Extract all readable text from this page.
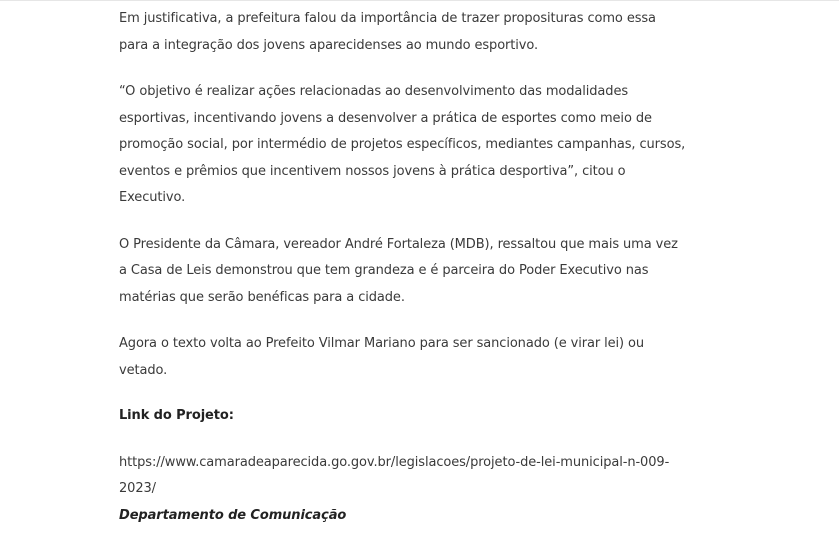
Em justificativa, a prefeitura falou da importância de trazer proposituras como essa para a integração dos jovens aparecidenses ao mundo esportivo.

“O objetivo é realizar ações relacionadas ao desenvolvimento das modalidades esportivas, incentivando jovens a desenvolver a prática de esportes como meio de promoção social, por intermédio de projetos específicos, mediantes campanhas, cursos, eventos e prêmios que incentivem nossos jovens à prática desportiva”, citou o Executivo.

O Presidente da Câmara, vereador André Fortaleza (MDB), ressaltou que mais uma vez a Casa de Leis demonstrou que tem grandeza e é parceira do Poder Executivo nas matérias que serão benéficas para a cidade.

Agora o texto volta ao Prefeito Vilmar Mariano para ser sancionado (e virar lei) ou vetado.

Link do Projeto:

https://www.camaradeaparecida.go.gov.br/legislacoes/projeto-de-lei-municipal-n-009-2023/

Departamento de Comunicação
